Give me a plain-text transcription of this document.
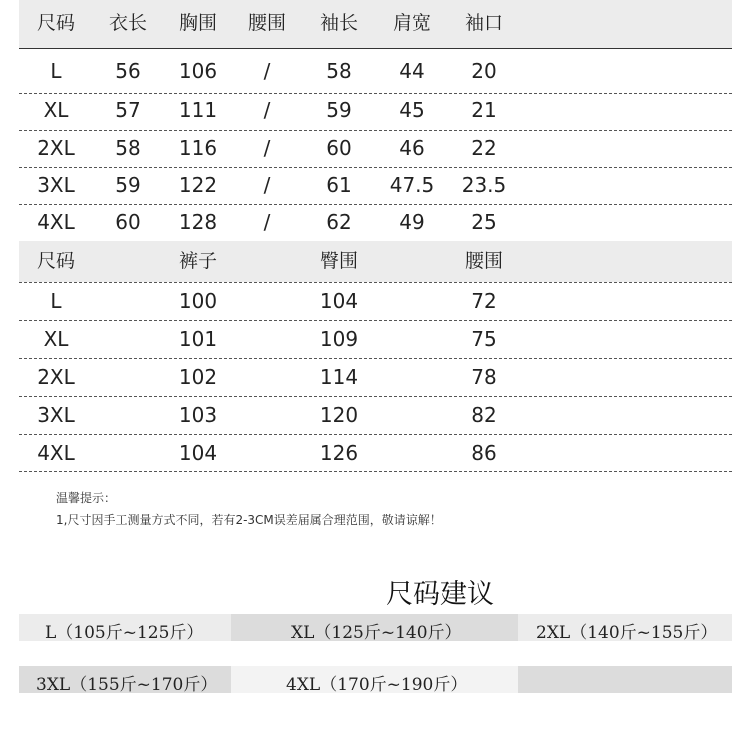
尺码 衣长 胸围 腰围 袖长 肩宽 袖口
L	56 106 /	58 44 20
XL 57 111 /	59 45 21
2XL 58 116 /	60 46 22
3XL 59 122 /	61 47.5 23.5
4XL 60 128 /	62 49 25
尺码	裤子	臀围	腰围
L	100	104	72
XL	101	109	75
2XL	102	114	78
3XL	103	120	82
4XL	104	126	86
温馨提示：
1,尺寸因手工测量方式不同，若有2-3CM误差届属合理范围，敬请谅解！
尺码建议
L（105斤~125斤）	XL（125斤~140斤）	2XL（140斤~155斤）
3XL（155斤~170斤）	4XL（170斤~190斤）
